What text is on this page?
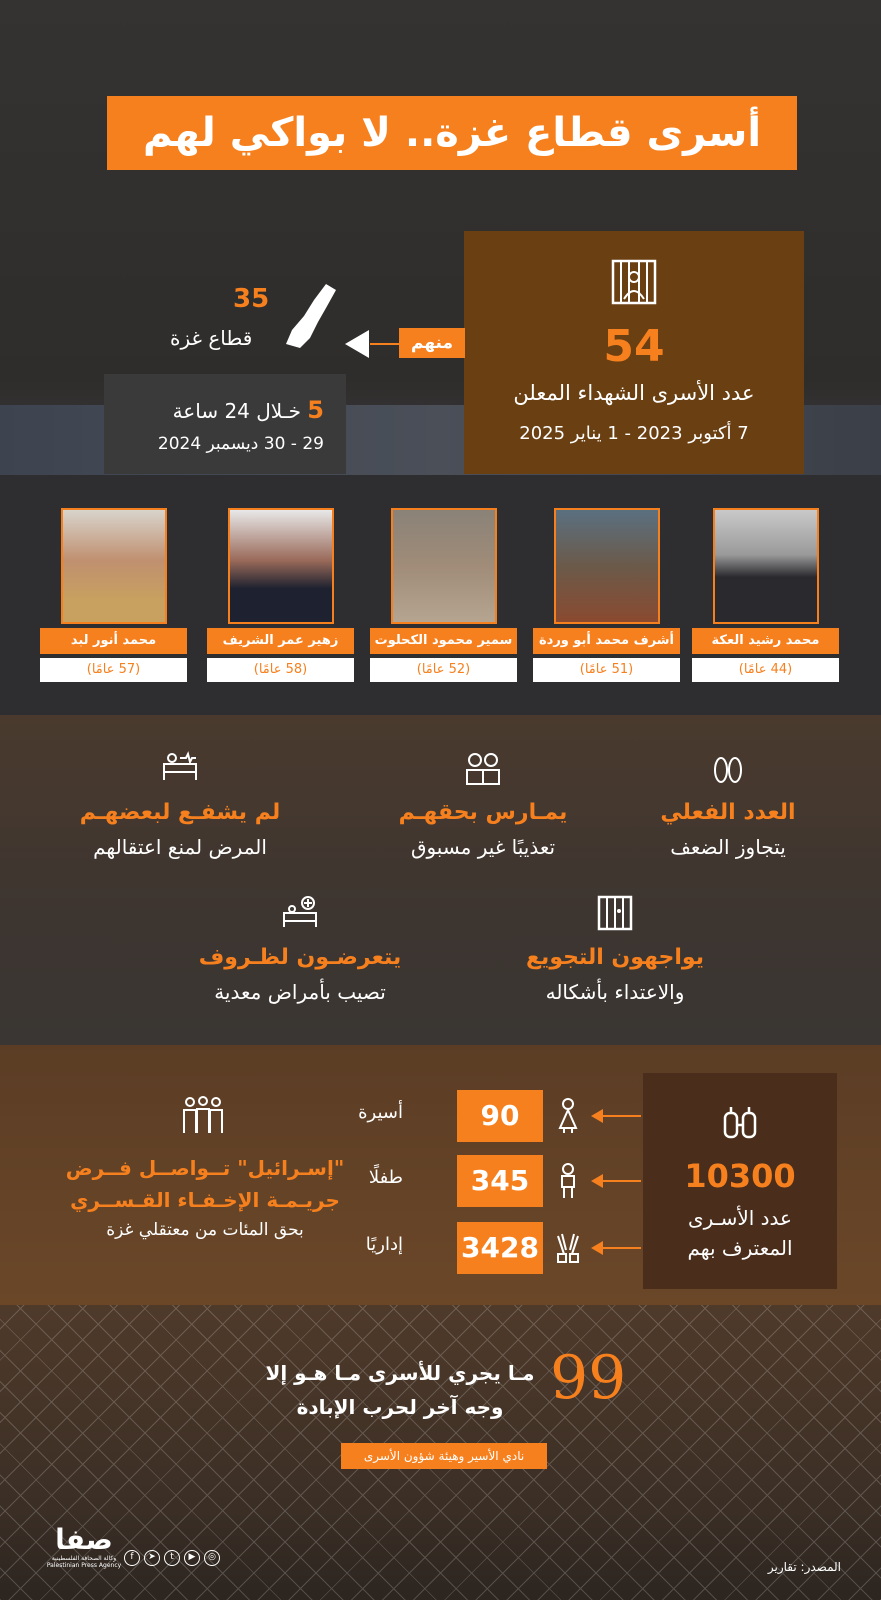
أسرى قطاع غزة.. لا بواكي لهم
54
عدد الأسرى الشهداء المعلن
7 أكتوبر 2023 - 1 يناير 2025
منهم
35
قطاع غزة
5 خـلال 24 ساعة
29 - 30 ديسمبر 2024
محمد رشيد العكة
(44 عامًا)
أشرف محمد أبو وردة
(51 عامًا)
سمير محمود الكحلوت
(52 عامًا)
زهير عمر الشريف
(58 عامًا)
محمد أنور لبد
(57 عامًا)
العدد الفعلي
يتجاوز الضعف
يمـارس بحقهـم
تعذيبًا غير مسبوق
لم يشفـع لبعضهـم
المرض لمنع اعتقالهم
يواجهون التجويع
والاعتداء بأشكاله
يتعرضـون لظـروف
تصيب بأمراض معدية
10300
عدد الأسـرى
المعترف بهم
90
أسيرة
345
طفلًا
3428
إداريًا
"إسـرائيل" تــواصــل فــرض
جريـمـة الإخـفـاء القـســري
بحق المئات من معتقلي غزة
99
مـا يجري للأسرى مـا هـو إلا
وجه آخر لحرب الإبادة
نادي الأسير وهيئة شؤون الأسرى
صفا
وكالة الصحافة الفلسطينية
Palestinian Press Agency
f	➤	t	▶	◎
المصدر: تقارير
